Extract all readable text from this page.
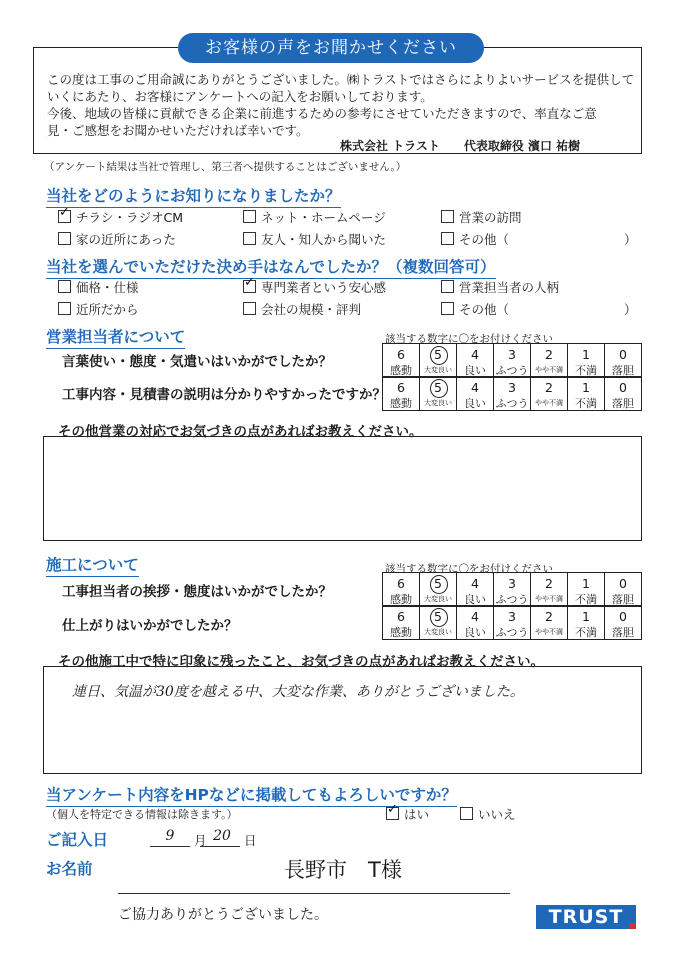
お客様の声をお聞かせください
この度は工事のご用命誠にありがとうございました。㈱トラストではさらによりよいサービスを提供して
いくにあたり、お客様にアンケートへの記入をお願いしております。
今後、地域の皆様に貢献できる企業に前進するための参考にさせていただきますので、率直なご意
見・ご感想をお聞かせいただければ幸いです。
株式会社 トラスト　　代表取締役 濱口 祐樹
（アンケート結果は当社で管理し、第三者へ提供することはございません。）
当社をどのようにお知りになりましたか？
✓チラシ・ラジオCM	ネット・ホームページ	営業の訪問
家の近所にあった	友人・知人から聞いた	その他（	）
当社を選んでいただけた決め手はなんでしたか？（複数回答可）
価格・仕様 ✓	専門業者という安心感	営業担当者の人柄
近所だから	会社の規模・評判	その他（	）
営業担当者について	該当する数字に〇をお付けください
言葉使い・態度・気遣いはいかがでしたか？
工事内容・見積書の説明は分かりやすかったですか？
6	5	4	3	2	1	0

感動	大変良い	良い	ふつう	やや不満	不満	落胆
6	5	4	3	2	1	0

感動	大変良い	良い	ふつう	やや不満	不満	落胆
その他営業の対応でお気づきの点があればお教えください。
施工について	該当する数字に〇をお付けください
工事担当者の挨拶・態度はいかがでしたか？
仕上がりはいかがでしたか？
6	5	4	3	2	1	0

感動	大変良い	良い	ふつう	やや不満	不満	落胆
6	5	4	3	2	1	0

感動	大変良い	良い	ふつう	やや不満	不満	落胆
その他施工中で特に印象に残ったこと、お気づきの点があればお教えください。
連日、気温が30度を越える中、大変な作業、ありがとうございました。
当アンケート内容をHPなどに掲載してもよろしいですか？
（個人を特定できる情報は除きます。） ✓	はい	いいえ
ご記入日	9	月 20	日
お名前	長野市　T様
ご協力ありがとうございました。	TRUST
